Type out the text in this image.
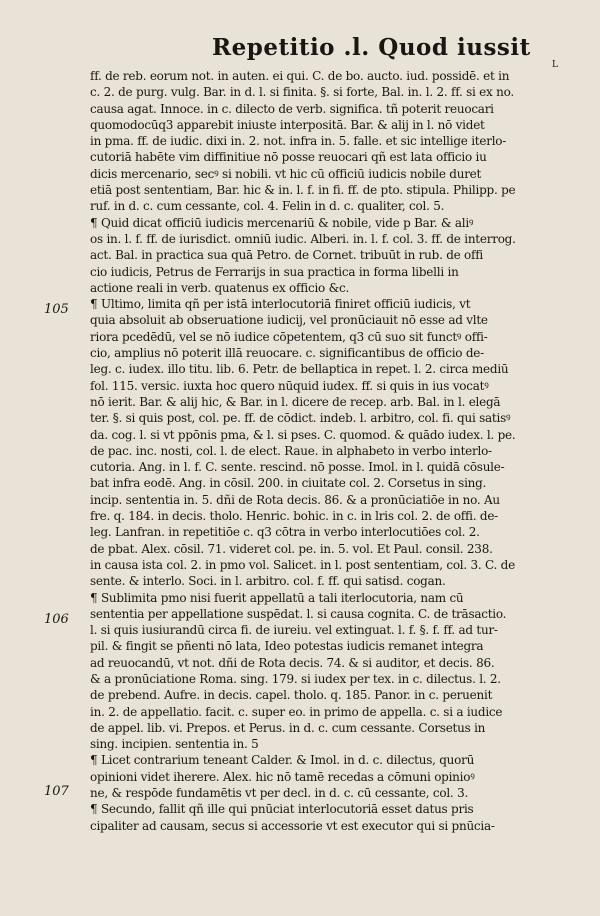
Repetitio .l. Quod iussit
L
105
106
107
ff. de reb. eorum not. in auten. ei qui. C. de bo. aucto. iud. possidē. et in
c. 2. de purg. vulg. Bar. in d. l. si finita. §. si forte, Bal. in. l. 2. ff. si ex no.
causa agat. Innoce. in c. dilecto de verb. significa. tñ poterit reuocari
quomodocūq3 apparebit iniuste interpositā. Bar. & alij in l. nō videt
in pma. ff. de iudic. dixi in. 2. not. infra in. 5. falle. et sic intellige iterlo-
cutoriā habēte vim diffinitiue nō posse reuocari qñ est lata officio iu
dicis mercenario, secꝰ si nobili. vt hic cū officiū iudicis nobile duret
etiā post sententiam, Bar. hic & in. l. f. in fi. ff. de pto. stipula. Philipp. pe
ruf. in d. c. cum cessante, col. 4. Felin in d. c. qualiter, col. 5.
¶ Quid dicat officiū iudicis mercenariū & nobile, vide p Bar. & aliꝰ
os in. l. f. ff. de iurisdict. omniū iudic. Alberi. in. l. f. col. 3. ff. de interrog.
act. Bal. in practica sua quā Petro. de Cornet. tribuūt in rub. de offi
cio iudicis, Petrus de Ferrarijs in sua practica in forma libelli in
actione reali in verb. quatenus ex officio &c.
¶ Ultimo, limita qñ per istā interlocutoriā finiret officiū iudicis, vt
quia absoluit ab obseruatione iudicij, vel pronūciauit nō esse ad vlte
riora pcedēdū, vel se nō iudice cōpetentem, q3 cū suo sit functꝰ offi-
cio, amplius nō poterit illā reuocare. c. significantibus de officio de-
leg. c. iudex. illo titu. lib. 6. Petr. de bellaptica in repet. l. 2. circa mediū
fol. 115. versic. iuxta hoc quero nūquid iudex. ff. si quis in ius vocatꝰ
nō ierit. Bar. & alij hic, & Bar. in l. dicere de recep. arb. Bal. in l. elegā
ter. §. si quis post, col. pe. ff. de cōdict. indeb. l. arbitro, col. fi. qui satisꝰ
da. cog. l. si vt ppōnis pma, & l. si pses. C. quomod. & quādo iudex. l. pe.
de pac. inc. nosti, col. l. de elect. Raue. in alphabeto in verbo interlo-
cutoria. Ang. in l. f. C. sente. rescind. nō posse. Imol. in l. quidā cōsule-
bat infra eodē. Ang. in cōsil. 200. in ciuitate col. 2. Corsetus in sing.
incip. sententia in. 5. dñi de Rota decis. 86. & a pronūciatiōe in no. Au
fre. q. 184. in decis. tholo. Henric. bohic. in c. in lris col. 2. de offi. de-
leg. Lanfran. in repetitiōe c. q3 cōtra in verbo interlocutiōes col. 2.
de pbat. Alex. cōsil. 71. videret col. pe. in. 5. vol. Et Paul. consil. 238.
in causa ista col. 2. in pmo vol. Salicet. in l. post sententiam, col. 3. C. de
sente. & interlo. Soci. in l. arbitro. col. f. ff. qui satisd. cogan.
¶ Sublimita pmo nisi fuerit appellatū a tali iterlocutoria, nam cū
sententia per appellatione suspēdat. l. si causa cognita. C. de trāsactio.
l. si quis iusiurandū circa fi. de iureiu. vel extinguat. l. f. §. f. ff. ad tur-
pil. & fingit se pñenti nō lata, Ideo potestas iudicis remanet integra
ad reuocandū, vt not. dñi de Rota decis. 74. & si auditor, et decis. 86.
& a pronūciatione Roma. sing. 179. si iudex per tex. in c. dilectus. l. 2.
de prebend. Aufre. in decis. capel. tholo. q. 185. Panor. in c. peruenit
in. 2. de appellatio. facit. c. super eo. in primo de appella. c. si a iudice
de appel. lib. vi. Prepos. et Perus. in d. c. cum cessante. Corsetus in
sing. incipien. sententia in. 5
¶ Licet contrarium teneant Calder. & Imol. in d. c. dilectus, quorū
opinioni videt iherere. Alex. hic nō tamē recedas a cōmuni opinioꝰ
ne, & respōde fundamētis vt per decl. in d. c. cū cessante, col. 3.
¶ Secundo, fallit qñ ille qui pnūciat interlocutoriā esset datus pris
cipaliter ad causam, secus si accessorie vt est executor qui si pnūcia-
